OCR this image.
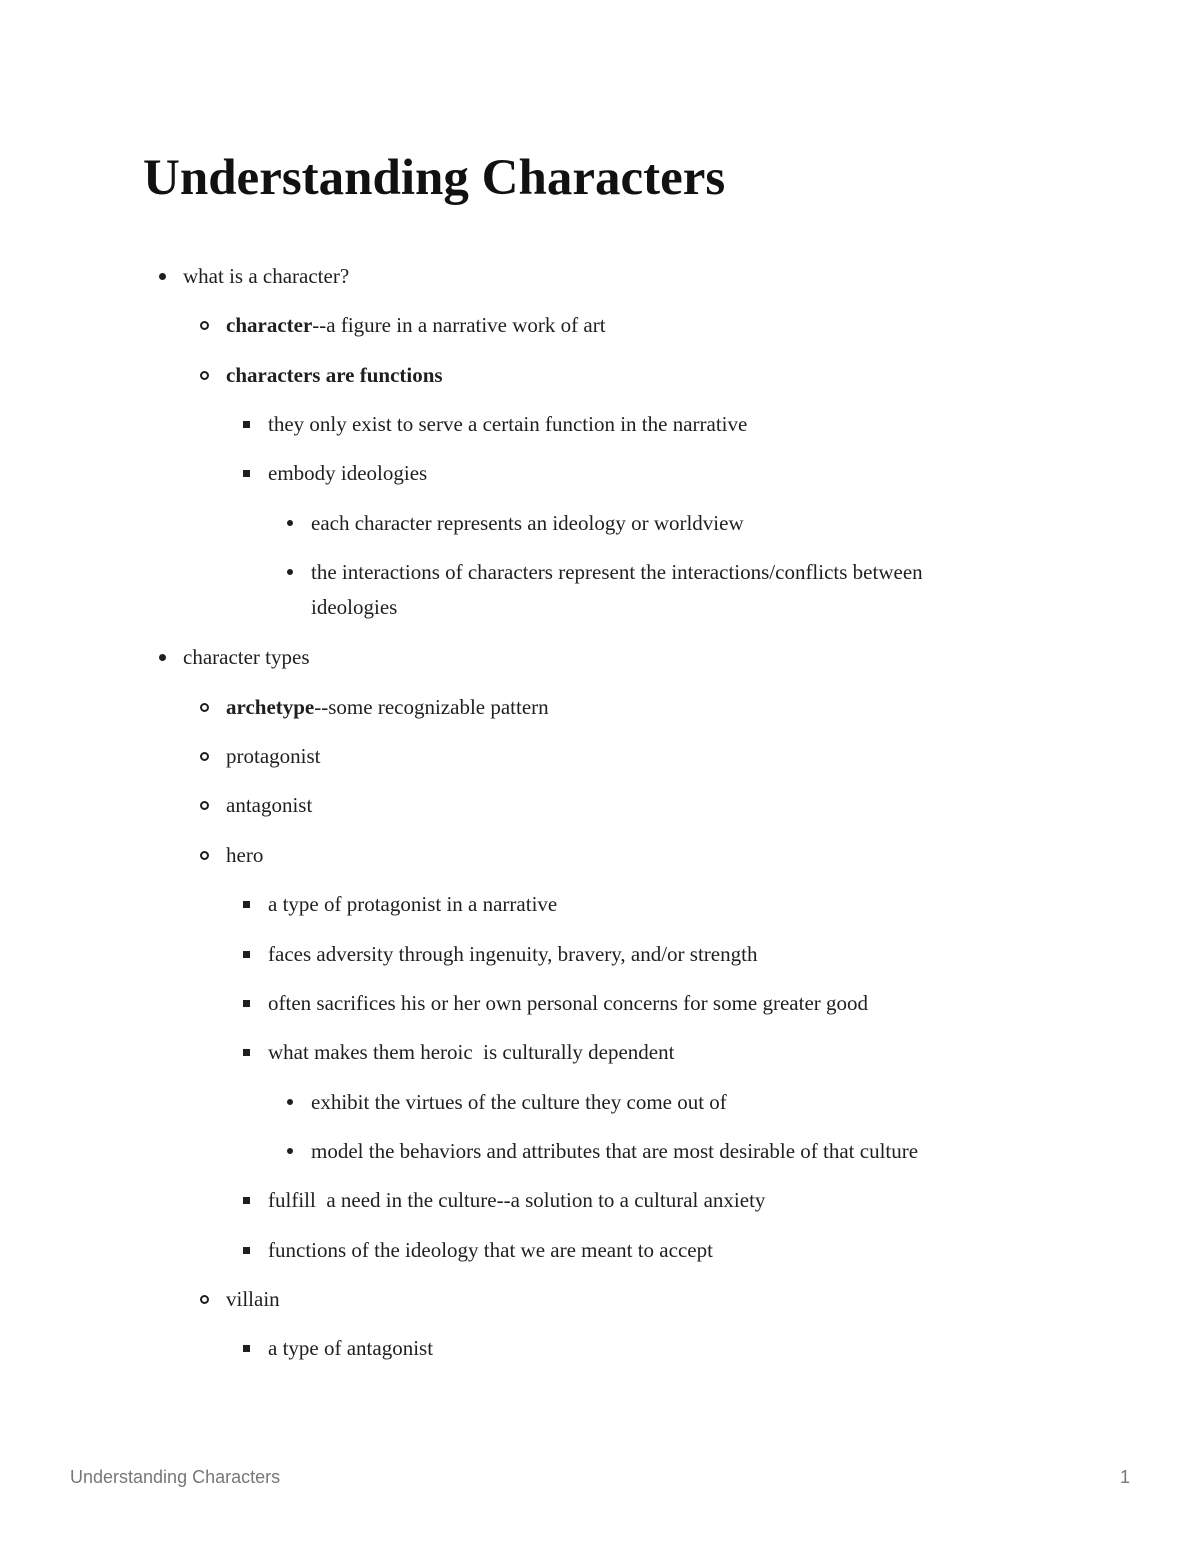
Understanding Characters
what is a character?
character--a figure in a narrative work of art
characters are functions
they only exist to serve a certain function in the narrative
embody ideologies
each character represents an ideology or worldview
the interactions of characters represent the interactions/conflicts between ideologies
character types
archetype--some recognizable pattern
protagonist
antagonist
hero
a type of protagonist in a narrative
faces adversity through ingenuity, bravery, and/or strength
often sacrifices his or her own personal concerns for some greater good
what makes them heroic  is culturally dependent
exhibit the virtues of the culture they come out of
model the behaviors and attributes that are most desirable of that culture
fulfill  a need in the culture--a solution to a cultural anxiety
functions of the ideology that we are meant to accept
villain
a type of antagonist
Understanding Characters	1
